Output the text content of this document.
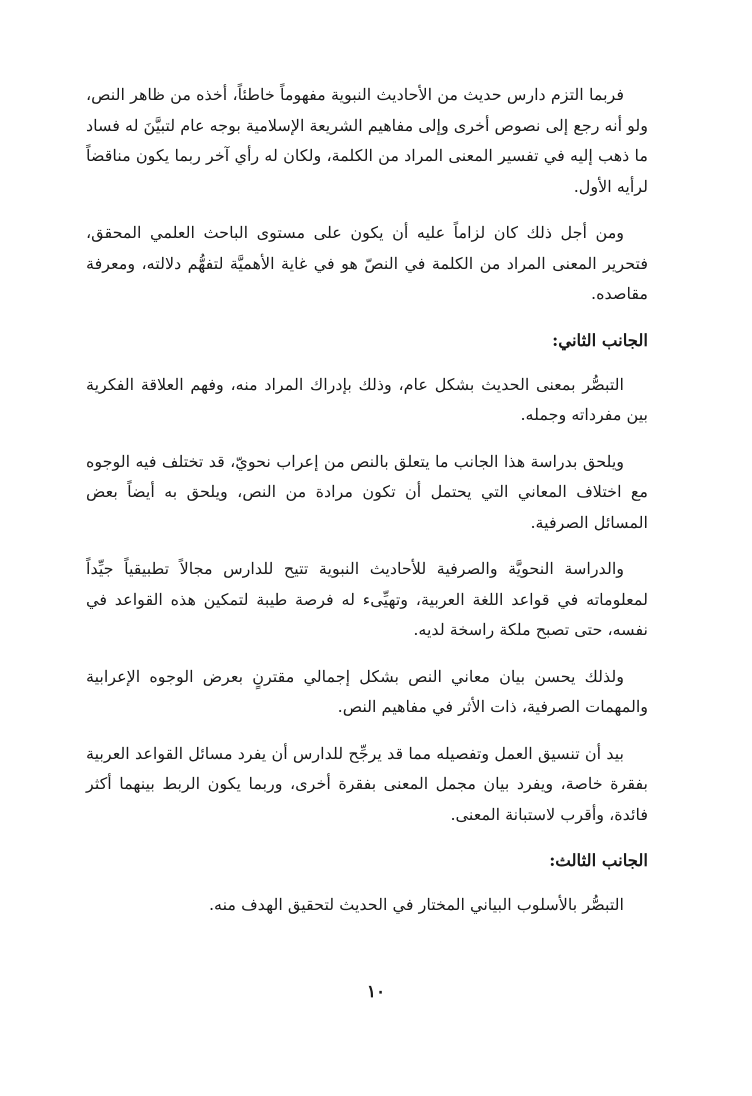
فربما التزم دارس حديث من الأحاديث النبوية مفهوماً خاطئاً، أخذه من ظاهر النص، ولو أنه رجع إلى نصوص أخرى وإلى مفاهيم الشريعة الإسلامية بوجه عام لتبيَّنَ له فساد ما ذهب إليه في تفسير المعنى المراد من الكلمة، ولكان له رأي آخر ربما يكون مناقضاً لرأيه الأول.

ومن أجل ذلك كان لزاماً عليه أن يكون على مستوى الباحث العلمي المحقق، فتحرير المعنى المراد من الكلمة في النصّ هو في غاية الأهميَّة لتفهُّم دلالته، ومعرفة مقاصده.

الجانب الثاني:

التبصُّر بمعنى الحديث بشكل عام، وذلك بإدراك المراد منه، وفهم العلاقة الفكرية بين مفرداته وجمله.

ويلحق بدراسة هذا الجانب ما يتعلق بالنص من إعراب نحويّ، قد تختلف فيه الوجوه مع اختلاف المعاني التي يحتمل أن تكون مرادة من النص، ويلحق به أيضاً بعض المسائل الصرفية.

والدراسة النحويَّة والصرفية للأحاديث النبوية تتيح للدارس مجالاً تطبيقياً جيِّداً لمعلوماته في قواعد اللغة العربية، وتهيِّىء له فرصة طيبة لتمكين هذه القواعد في نفسه، حتى تصبح ملكة راسخة لديه.

ولذلك يحسن بيان معاني النص بشكل إجمالي مقترنٍ بعرض الوجوه الإعرابية والمهمات الصرفية، ذات الأثر في مفاهيم النص.

بيد أن تنسيق العمل وتفصيله مما قد يرجِّح للدارس أن يفرد مسائل القواعد العربية بفقرة خاصة، ويفرد بيان مجمل المعنى بفقرة أخرى، وربما يكون الربط بينهما أكثر فائدة، وأقرب لاستبانة المعنى.

الجانب الثالث:

التبصُّر بالأسلوب البياني المختار في الحديث لتحقيق الهدف منه.

١٠
